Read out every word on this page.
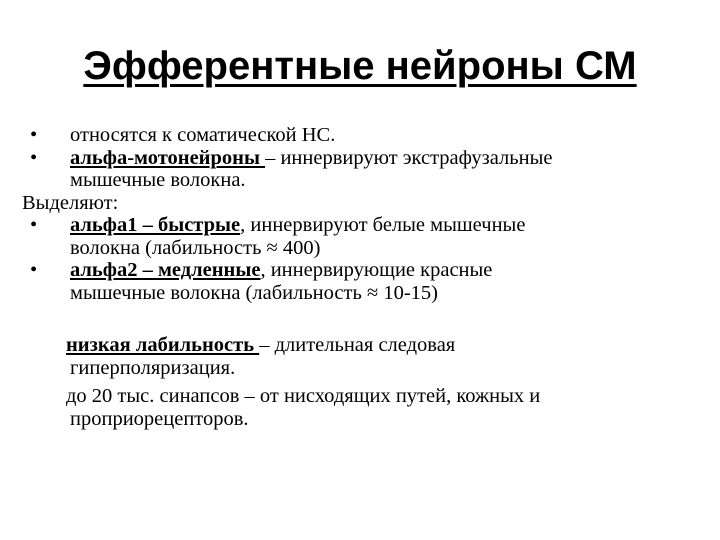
Эфферентные нейроны СМ
• относятся к соматической НС.
• альфа-мотонейроны – иннервируют экстрафузальные
мышечные волокна.
Выделяют:
• альфа1 – быстрые, иннервируют белые мышечные
волокна (лабильность ≈ 400)
• альфа2 – медленные, иннервирующие красные
мышечные волокна (лабильность ≈ 10-15)
низкая лабильность – длительная следовая
гиперполяризация.
до 20 тыс. синапсов – от нисходящих путей, кожных и
проприорецепторов.
